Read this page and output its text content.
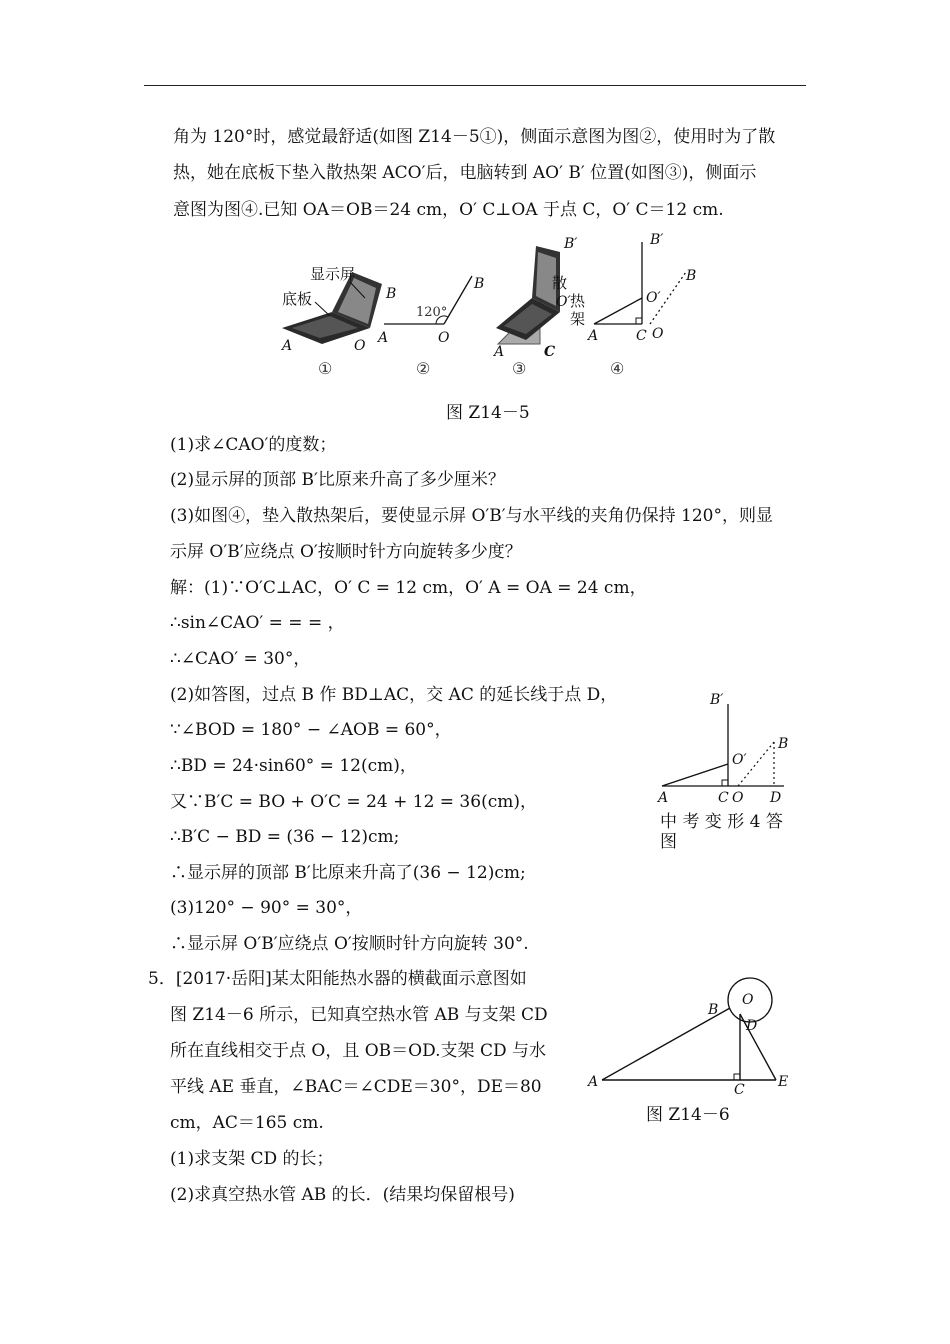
角为 120°时，感觉最舒适(如图 Z14－5①)，侧面示意图为图②，使用时为了散
热，她在底板下垫入散热架 ACO′后，电脑转到 AO′ B′ 位置(如图③)，侧面示
意图为图④.已知 OA＝OB＝24 cm，O′ C⊥OA 于点 C，O′ C＝12 cm.
显示屏
底板
A	O
B
120°
A	O
B
B′
散
O′ 热
架
A	C
B′
O′
B
A	C O
①	②	③	④
图 Z14－5
(1)求∠CAO′的度数；
(2)显示屏的顶部 B′比原来升高了多少厘米？
(3)如图④，垫入散热架后，要使显示屏 O′B′与水平线的夹角仍保持 120°，则显
示屏 O′B′应绕点 O′按顺时针方向旋转多少度？
解：(1)∵O′C⊥AC，O′ C = 12 cm，O′ A = OA = 24 cm，
∴sin∠CAO′ = = = ，
∴∠CAO′ = 30°，
(2)如答图，过点 B 作 BD⊥AC，交 AC 的延长线于点 D，
∵∠BOD = 180° − ∠AOB = 60°，
∴BD = 24·sin60° = 12(cm)，
又∵B′C = BO + O′C = 24 + 12 = 36(cm)，
∴B′C − BD = (36 − 12)cm;
∴显示屏的顶部 B′比原来升高了(36 − 12)cm;
(3)120° − 90° = 30°，
∴显示屏 O′B′应绕点 O′按顺时针方向旋转 30°.
B′
O′
B
A	C O D
中 考 变 形 4 答
图
5．[2017·岳阳]某太阳能热水器的横截面示意图如
图 Z14－6 所示，已知真空热水管 AB 与支架 CD
所在直线相交于点 O，且 OB＝OD.支架 CD 与水
平线 AE 垂直，∠BAC＝∠CDE＝30°，DE＝80
cm，AC＝165 cm.
(1)求支架 CD 的长；
(2)求真空热水管 AB 的长．(结果均保留根号)
O
B
D
A	C E
图 Z14－6
